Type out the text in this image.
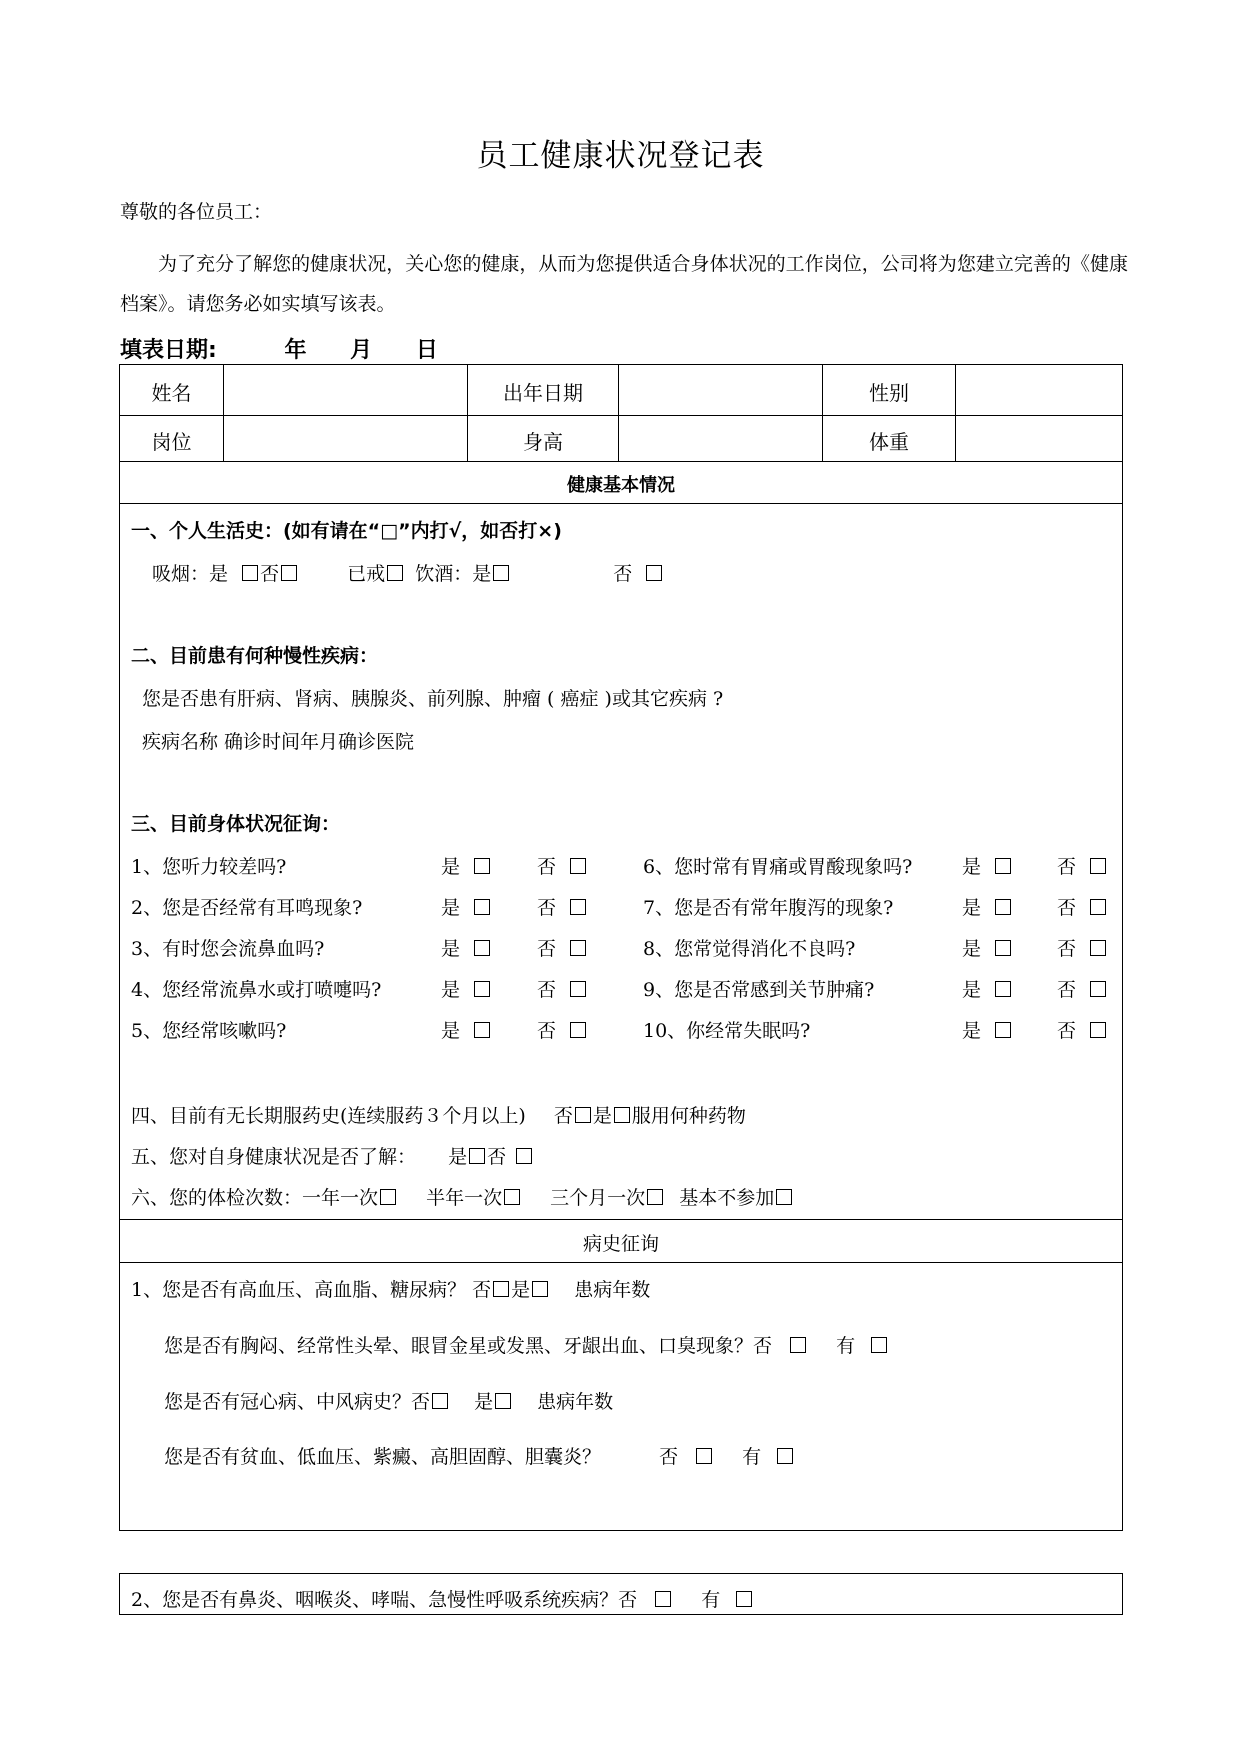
员工健康状况登记表
尊敬的各位员工：
为了充分了解您的健康状况，关心您的健康，从而为您提供适合身体状况的工作岗位，公司将为您建立完善的《健康档案》。请您务必如实填写该表。
填表日期:	年 月 日
姓名	出年日期	性别
岗位	身高	体重
健康基本情况
一、个人生活史：(如有请在“□”内打√，如否打×)
吸烟：是 否	已戒 饮酒：是	否
二、目前患有何种慢性疾病：
您是否患有肝病、肾病、胰腺炎、前列腺、肿瘤 ( 癌症 )或其它疾病 ?
疾病名称 确诊时间年月确诊医院
三、目前身体状况征询：
1、您听力较差吗?	是	否
2、您是否经常有耳鸣现象?	是	否
3、有时您会流鼻血吗?	是	否
4、您经常流鼻水或打喷嚏吗?	是	否
5、您经常咳嗽吗?	是	否
6、您时常有胃痛或胃酸现象吗?	是	否
7、您是否有常年腹泻的现象?	是	否
8、您常觉得消化不良吗?	是	否
9、您是否常感到关节肿痛?	是	否
10、你经常失眠吗?	是	否
四、目前有无长期服药史(连续服药３个月以上) 否 是 服用何种药物
五、您对自身健康状况是否了解： 是 否
六、您的体检次数：一年一次	半年一次	三个月一次 基本不参加
病史征询
1、您是否有高血压、高血脂、糖尿病？ 否 是 患病年数
您是否有胸闷、经常性头晕、眼冒金星或发黑、牙龈出血、口臭现象？否	有
您是否有冠心病、中风病史？否 是 患病年数
您是否有贫血、低血压、紫癜、高胆固醇、胆囊炎？	否	有
2、您是否有鼻炎、咽喉炎、哮喘、急慢性呼吸系统疾病？否	有
